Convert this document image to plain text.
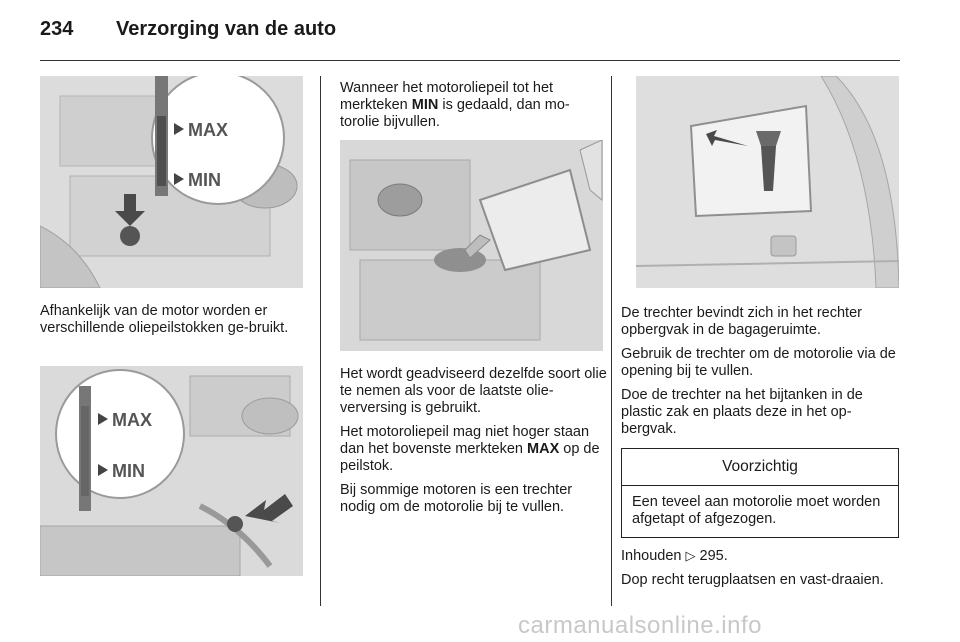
234 Verzorging van de auto
MAX
MIN

Afhankelijk van de motor worden er verschillende oliepeilstokken ge-bruikt.

MAX
MIN

Wanneer het motoroliepeil tot het merkteken MIN is gedaald, dan mo-torolie bijvullen.

Het wordt geadviseerd dezelfde soort olie te nemen als voor de laatste olie-verversing is gebruikt.

Het motoroliepeil mag niet hoger staan dan het bovenste merkteken MAX op de peilstok.

Bij sommige motoren is een trechter nodig om de motorolie bij te vullen.

De trechter bevindt zich in het rechter opbergvak in de bagageruimte.

Gebruik de trechter om de motorolie via de opening bij te vullen.

Doe de trechter na het bijtanken in de plastic zak en plaats deze in het op-bergvak.

Voorzichtig
Een teveel aan motorolie moet worden afgetapt of afgezogen.

Inhouden ▷ 295.

Dop recht terugplaatsen en vast-draaien.

carmanualsonline.info
